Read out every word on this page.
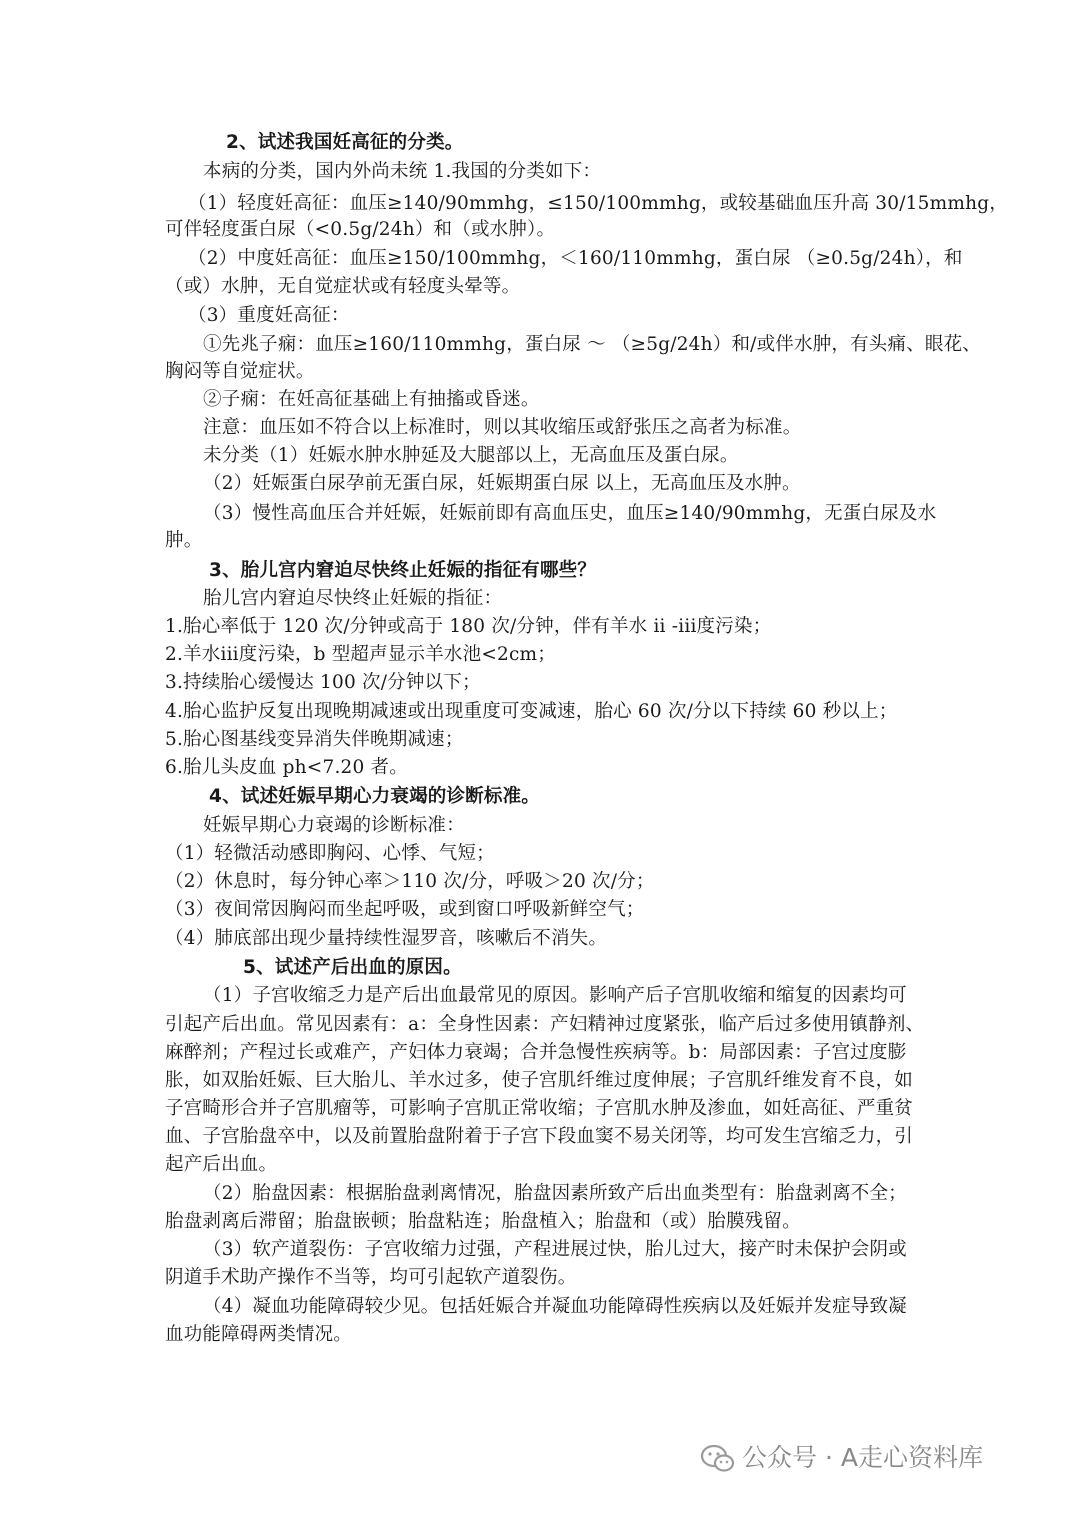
2、试述我国妊高征的分类。
本病的分类，国内外尚未统 1.我国的分类如下：
（1）轻度妊高征：血压≥140/90mmhg，≤150/100mmhg，或较基础血压升高 30/15mmhg，
可伴轻度蛋白尿（<0.5g/24h）和（或水肿）。
（2）中度妊高征：血压≥150/100mmhg，＜160/110mmhg，蛋白尿 （≥0.5g/24h），和
（或）水肿，无自觉症状或有轻度头晕等。
（3）重度妊高征：
①先兆子痫：血压≥160/110mmhg，蛋白尿 ～ （≥5g/24h）和/或伴水肿，有头痛、眼花、
胸闷等自觉症状。
②子痫：在妊高征基础上有抽搐或昏迷。
注意：血压如不符合以上标准时，则以其收缩压或舒张压之高者为标准。
未分类（1）妊娠水肿水肿延及大腿部以上，无高血压及蛋白尿。
（2）妊娠蛋白尿孕前无蛋白尿，妊娠期蛋白尿 以上，无高血压及水肿。
（3）慢性高血压合并妊娠，妊娠前即有高血压史，血压≥140/90mmhg，无蛋白尿及水
肿。
3、胎儿宫内窘迫尽快终止妊娠的指征有哪些？
胎儿宫内窘迫尽快终止妊娠的指征：
1.胎心率低于 120 次/分钟或高于 180 次/分钟，伴有羊水 ii -iii度污染；
2.羊水iii度污染，b 型超声显示羊水池<2cm；
3.持续胎心缓慢达 100 次/分钟以下；
4.胎心监护反复出现晚期减速或出现重度可变减速，胎心 60 次/分以下持续 60 秒以上；
5.胎心图基线变异消失伴晚期减速；
6.胎儿头皮血 ph<7.20 者。
4、试述妊娠早期心力衰竭的诊断标准。
妊娠早期心力衰竭的诊断标准：
（1）轻微活动感即胸闷、心悸、气短；
（2）休息时，每分钟心率＞110 次/分，呼吸＞20 次/分；
（3）夜间常因胸闷而坐起呼吸，或到窗口呼吸新鲜空气；
（4）肺底部出现少量持续性湿罗音，咳嗽后不消失。
5、试述产后出血的原因。
（1）子宫收缩乏力是产后出血最常见的原因。影响产后子宫肌收缩和缩复的因素均可
引起产后出血。常见因素有：a：全身性因素：产妇精神过度紧张，临产后过多使用镇静剂、
麻醉剂；产程过长或难产，产妇体力衰竭；合并急慢性疾病等。b：局部因素：子宫过度膨
胀，如双胎妊娠、巨大胎儿、羊水过多，使子宫肌纤维过度伸展；子宫肌纤维发育不良，如
子宫畸形合并子宫肌瘤等，可影响子宫肌正常收缩；子宫肌水肿及渗血，如妊高征、严重贫
血、子宫胎盘卒中，以及前置胎盘附着于子宫下段血窦不易关闭等，均可发生宫缩乏力，引
起产后出血。
（2）胎盘因素：根据胎盘剥离情况，胎盘因素所致产后出血类型有：胎盘剥离不全；
胎盘剥离后滞留；胎盘嵌顿；胎盘粘连；胎盘植入；胎盘和（或）胎膜残留。
（3）软产道裂伤：子宫收缩力过强，产程进展过快，胎儿过大，接产时未保护会阴或
阴道手术助产操作不当等，均可引起软产道裂伤。
（4）凝血功能障碍较少见。包括妊娠合并凝血功能障碍性疾病以及妊娠并发症导致凝
血功能障碍两类情况。
公众号 · A走心资料库
